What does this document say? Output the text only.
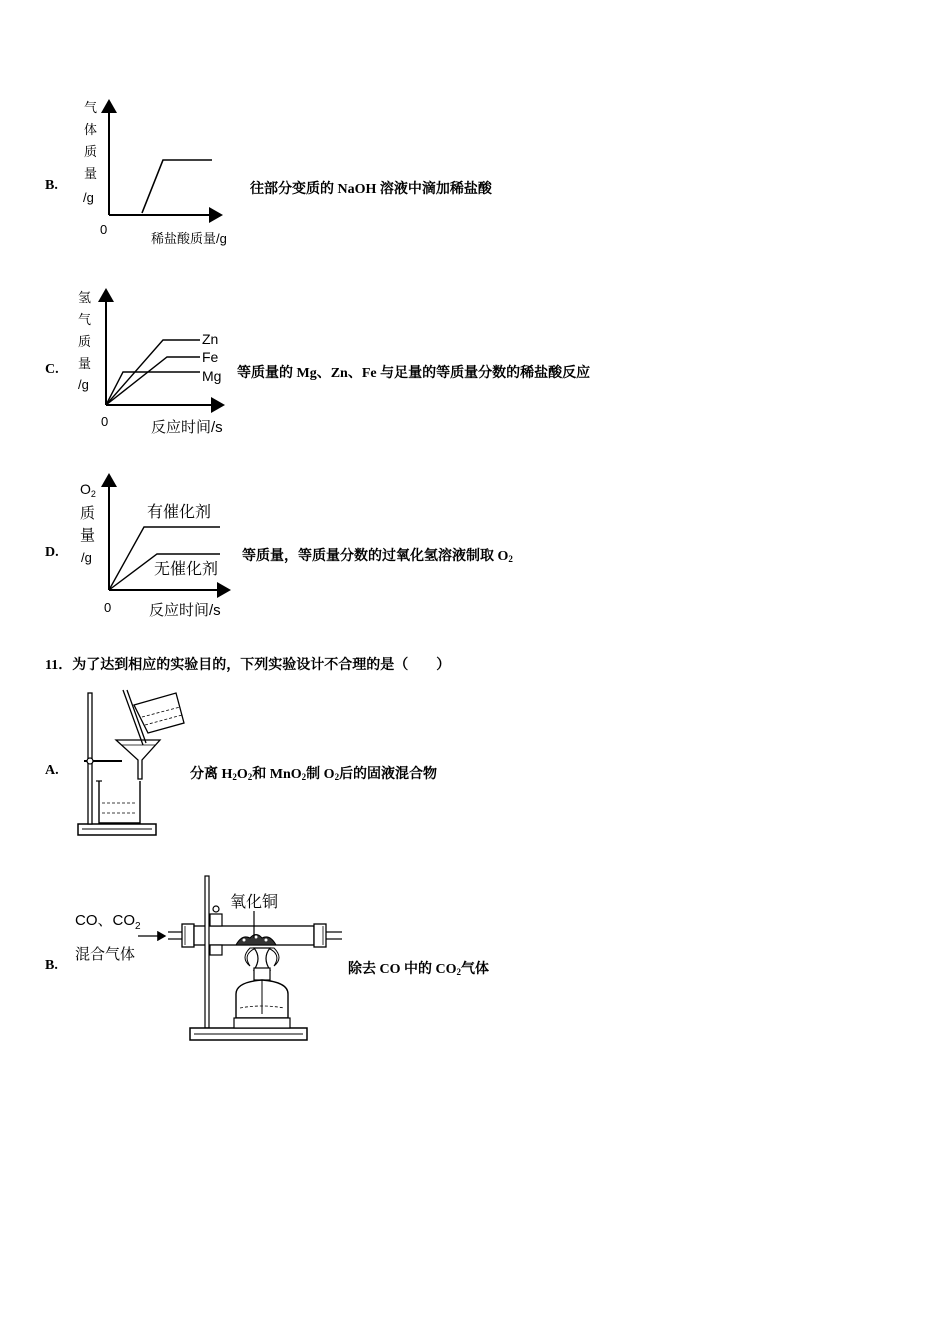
B.
气
体
质
量
/g
0
稀盐酸质量/g
往部分变质的 NaOH 溶液中滴加稀盐酸
C.
Zn
Fe
Mg
氢
气
质
量
/g
0	反应时间/s
等质量的 Mg、Zn、Fe 与足量的等质量分数的稀盐酸反应
D.
有催化剂
无催化剂
$O_2$
质
量
/g
0	反应时间/s
等质量，等质量分数的过氧化氢溶液制取 $O_2$
11．为了达到相应的实验目的，下列实验设计不合理的是（　　）
A.	分离 $H_2O_2$和 MnO$_2$制 $O_2$后的固液混合物
B.
CO、$CO_2$
混合气体
氧化铜
除去 CO 中的 $CO_2$气体
